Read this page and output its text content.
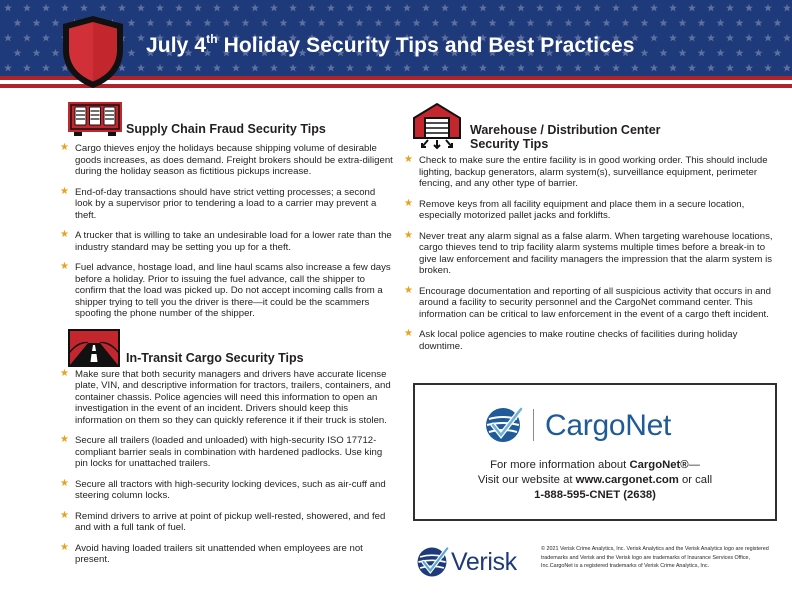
July 4th Holiday Security Tips and Best Practices
Supply Chain Fraud Security Tips
★ Cargo thieves enjoy the holidays because shipping volume of desirable goods increases, as does demand. Freight brokers should be extra-diligent during the holiday season as fictitious pickups increase.
★ End-of-day transactions should have strict vetting processes; a second look by a supervisor prior to tendering a load to a carrier may prevent a theft.
★ A trucker that is willing to take an undesirable load for a lower rate than the industry standard may be setting you up for a theft.
★ Fuel advance, hostage load, and line haul scams also increase a few days before a holiday. Prior to issuing the fuel advance, call the shipper to confirm that the load was picked up. Do not accept incoming calls from a shipper trying to tell you the driver is there—it could be the scammers spoofing the phone number of the shipper.
In-Transit Cargo Security Tips
★ Make sure that both security managers and drivers have accurate license plate, VIN, and descriptive information for tractors, trailers, containers, and container chassis. Police agencies will need this information to open an investigation in the event of an incident. Drivers should keep this information on them so they can quickly reference it if their truck is stolen.
★ Secure all trailers (loaded and unloaded) with high-security ISO 17712-compliant barrier seals in combination with hardened padlocks. Use king pin locks for unattached trailers.
★ Secure all tractors with high-security locking devices, such as air-cuff and steering column locks.
★ Remind drivers to arrive at point of pickup well-rested, showered, and fed and with a full tank of fuel.
★ Avoid having loaded trailers sit unattended when employees are not present.
Warehouse / Distribution Center
Security Tips
★ Check to make sure the entire facility is in good working order. This should include lighting, backup generators, alarm system(s), surveillance equipment, perimeter fencing, and any other type of barrier.
★ Remove keys from all facility equipment and place them in a secure location, especially motorized pallet jacks and forklifts.
★ Never treat any alarm signal as a false alarm. When targeting warehouse locations, cargo thieves tend to trip facility alarm systems multiple times before a break-in to give law enforcement and facility managers the impression that the alarm system is broken.
★ Encourage documentation and reporting of all suspicious activity that occurs in and around a facility to security personnel and the CargoNet command center. This information can be critical to law enforcement in the event of a cargo theft incident.
★ Ask local police agencies to make routine checks of facilities during holiday downtime.
CargoNet
For more information about CargoNet®—
Visit our website at www.cargonet.com or call
1-888-595-CNET (2638)
Verisk	© 2021 Verisk Crime Analytics, Inc. Verisk Analytics and the Verisk Analytics logo are registered trademarks and Verisk and the Verisk logo are trademarks of Insurance Services Office, Inc.CargoNet is a registered trademarks of Verisk Crime Analytics, Inc.
